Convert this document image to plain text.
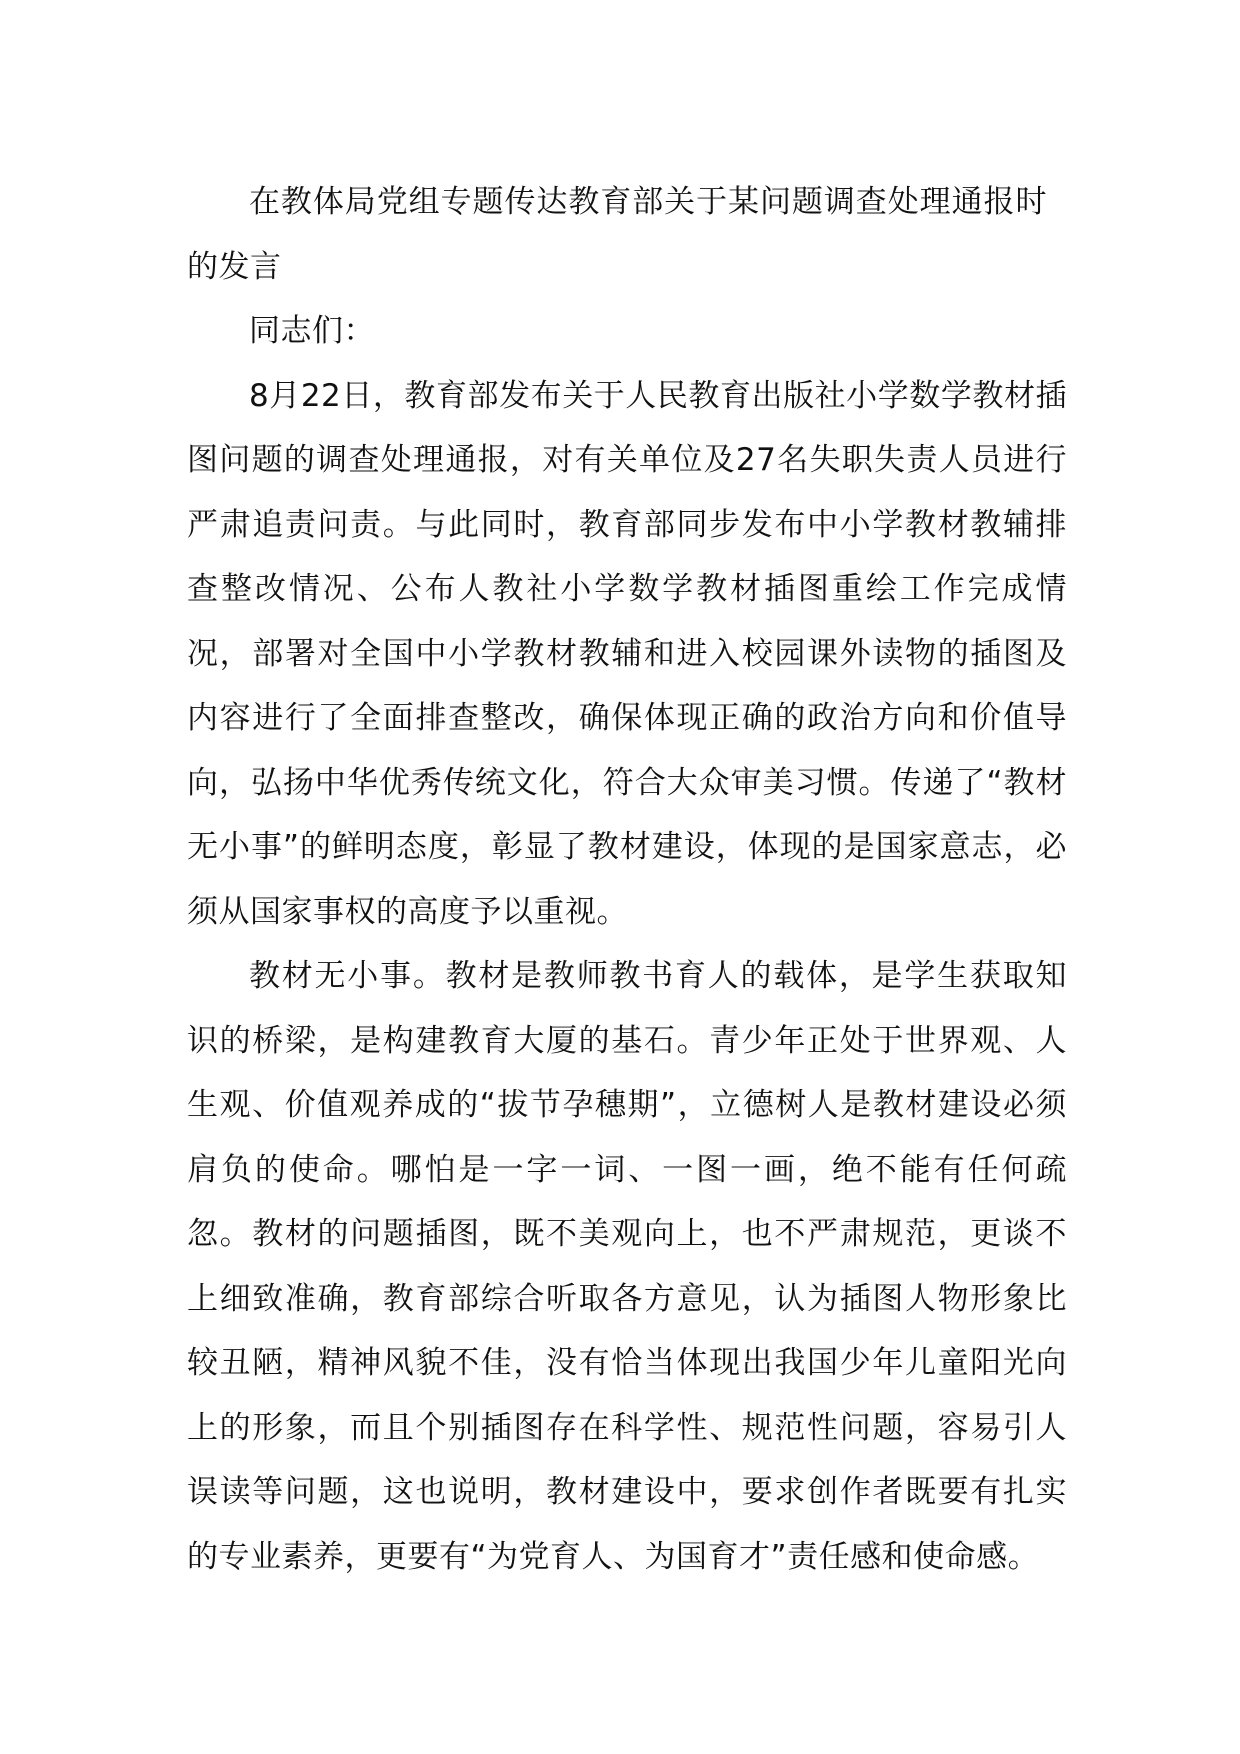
在教体局党组专题传达教育部关于某问题调查处理通报时的发言

同志们：

8月22日，教育部发布关于人民教育出版社小学数学教材插图问题的调查处理通报，对有关单位及27名失职失责人员进行严肃追责问责。与此同时，教育部同步发布中小学教材教辅排查整改情况、公布人教社小学数学教材插图重绘工作完成情况，部署对全国中小学教材教辅和进入校园课外读物的插图及内容进行了全面排查整改，确保体现正确的政治方向和价值导向，弘扬中华优秀传统文化，符合大众审美习惯。传递了“教材无小事”的鲜明态度，彰显了教材建设，体现的是国家意志，必须从国家事权的高度予以重视。

教材无小事。教材是教师教书育人的载体，是学生获取知识的桥梁，是构建教育大厦的基石。青少年正处于世界观、人生观、价值观养成的“拔节孕穗期”，立德树人是教材建设必须肩负的使命。哪怕是一字一词、一图一画，绝不能有任何疏忽。教材的问题插图，既不美观向上，也不严肃规范，更谈不上细致准确，教育部综合听取各方意见，认为插图人物形象比较丑陋，精神风貌不佳，没有恰当体现出我国少年儿童阳光向上的形象，而且个别插图存在科学性、规范性问题，容易引人误读等问题，这也说明，教材建设中，要求创作者既要有扎实的专业素养，更要有“为党育人、为国育才”责任感和使命感。
